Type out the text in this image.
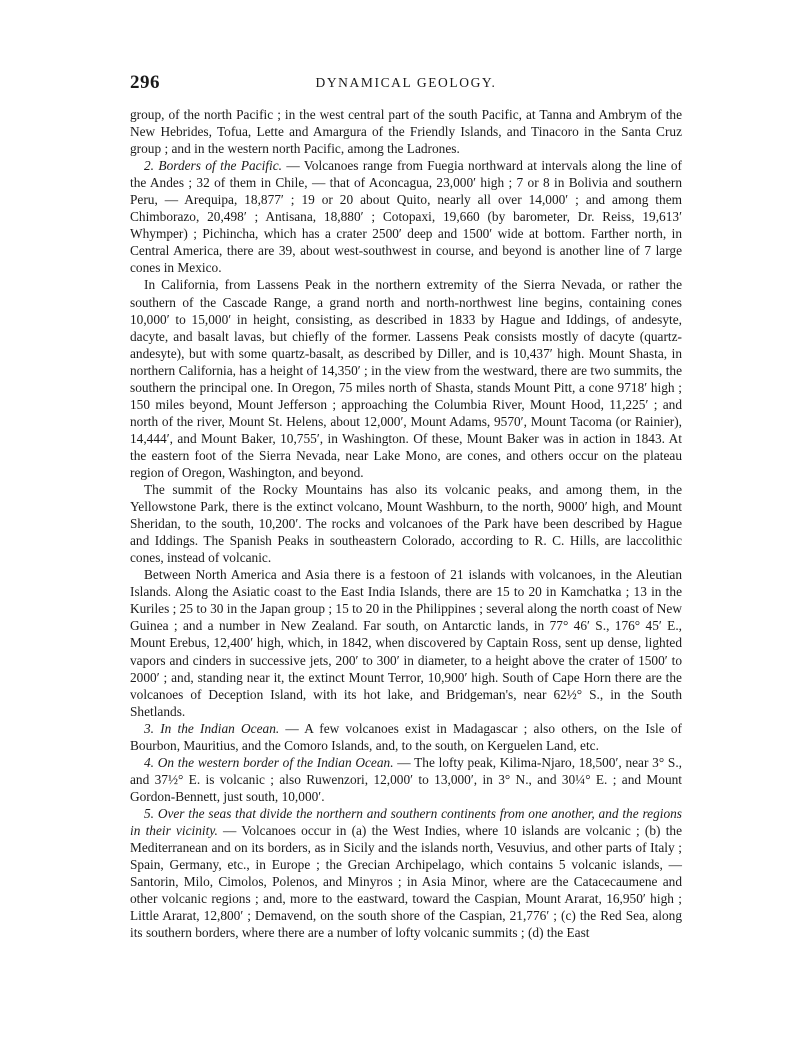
296	DYNAMICAL GEOLOGY.

group, of the north Pacific ; in the west central part of the south Pacific, at Tanna and Ambrym of the New Hebrides, Tofua, Lette and Amargura of the Friendly Islands, and Tinacoro in the Santa Cruz group ; and in the western north Pacific, among the Ladrones.

2. Borders of the Pacific. — Volcanoes range from Fuegia northward at intervals along the line of the Andes ; 32 of them in Chile, — that of Aconcagua, 23,000′ high ; 7 or 8 in Bolivia and southern Peru, — Arequipa, 18,877′ ; 19 or 20 about Quito, nearly all over 14,000′ ; and among them Chimborazo, 20,498′ ; Antisana, 18,880′ ; Cotopaxi, 19,660 (by barometer, Dr. Reiss, 19,613′ Whymper) ; Pichincha, which has a crater 2500′ deep and 1500′ wide at bottom. Farther north, in Central America, there are 39, about west-southwest in course, and beyond is another line of 7 large cones in Mexico.

In California, from Lassens Peak in the northern extremity of the Sierra Nevada, or rather the southern of the Cascade Range, a grand north and north-northwest line begins, containing cones 10,000′ to 15,000′ in height, consisting, as described in 1833 by Hague and Iddings, of andesyte, dacyte, and basalt lavas, but chiefly of the former. Lassens Peak consists mostly of dacyte (quartz-andesyte), but with some quartz-basalt, as described by Diller, and is 10,437′ high. Mount Shasta, in northern California, has a height of 14,350′ ; in the view from the westward, there are two summits, the southern the principal one. In Oregon, 75 miles north of Shasta, stands Mount Pitt, a cone 9718′ high ; 150 miles beyond, Mount Jefferson ; approaching the Columbia River, Mount Hood, 11,225′ ; and north of the river, Mount St. Helens, about 12,000′, Mount Adams, 9570′, Mount Tacoma (or Rainier), 14,444′, and Mount Baker, 10,755′, in Washington. Of these, Mount Baker was in action in 1843. At the eastern foot of the Sierra Nevada, near Lake Mono, are cones, and others occur on the plateau region of Oregon, Washington, and beyond.

The summit of the Rocky Mountains has also its volcanic peaks, and among them, in the Yellowstone Park, there is the extinct volcano, Mount Washburn, to the north, 9000′ high, and Mount Sheridan, to the south, 10,200′. The rocks and volcanoes of the Park have been described by Hague and Iddings. The Spanish Peaks in southeastern Colorado, according to R. C. Hills, are laccolithic cones, instead of volcanic.

Between North America and Asia there is a festoon of 21 islands with volcanoes, in the Aleutian Islands. Along the Asiatic coast to the East India Islands, there are 15 to 20 in Kamchatka ; 13 in the Kuriles ; 25 to 30 in the Japan group ; 15 to 20 in the Philippines ; several along the north coast of New Guinea ; and a number in New Zealand. Far south, on Antarctic lands, in 77° 46′ S., 176° 45′ E., Mount Erebus, 12,400′ high, which, in 1842, when discovered by Captain Ross, sent up dense, lighted vapors and cinders in successive jets, 200′ to 300′ in diameter, to a height above the crater of 1500′ to 2000′ ; and, standing near it, the extinct Mount Terror, 10,900′ high. South of Cape Horn there are the volcanoes of Deception Island, with its hot lake, and Bridgeman's, near 62½° S., in the South Shetlands.

3. In the Indian Ocean. — A few volcanoes exist in Madagascar ; also others, on the Isle of Bourbon, Mauritius, and the Comoro Islands, and, to the south, on Kerguelen Land, etc.

4. On the western border of the Indian Ocean. — The lofty peak, Kilima-Njaro, 18,500′, near 3° S., and 37½° E. is volcanic ; also Ruwenzori, 12,000′ to 13,000′, in 3° N., and 30¼° E. ; and Mount Gordon-Bennett, just south, 10,000′.

5. Over the seas that divide the northern and southern continents from one another, and the regions in their vicinity. — Volcanoes occur in (a) the West Indies, where 10 islands are volcanic ; (b) the Mediterranean and on its borders, as in Sicily and the islands north, Vesuvius, and other parts of Italy ; Spain, Germany, etc., in Europe ; the Grecian Archipelago, which contains 5 volcanic islands, — Santorin, Milo, Cimolos, Polenos, and Minyros ; in Asia Minor, where are the Catacecaumene and other volcanic regions ; and, more to the eastward, toward the Caspian, Mount Ararat, 16,950′ high ; Little Ararat, 12,800′ ; Demavend, on the south shore of the Caspian, 21,776′ ; (c) the Red Sea, along its southern borders, where there are a number of lofty volcanic summits ; (d) the East
